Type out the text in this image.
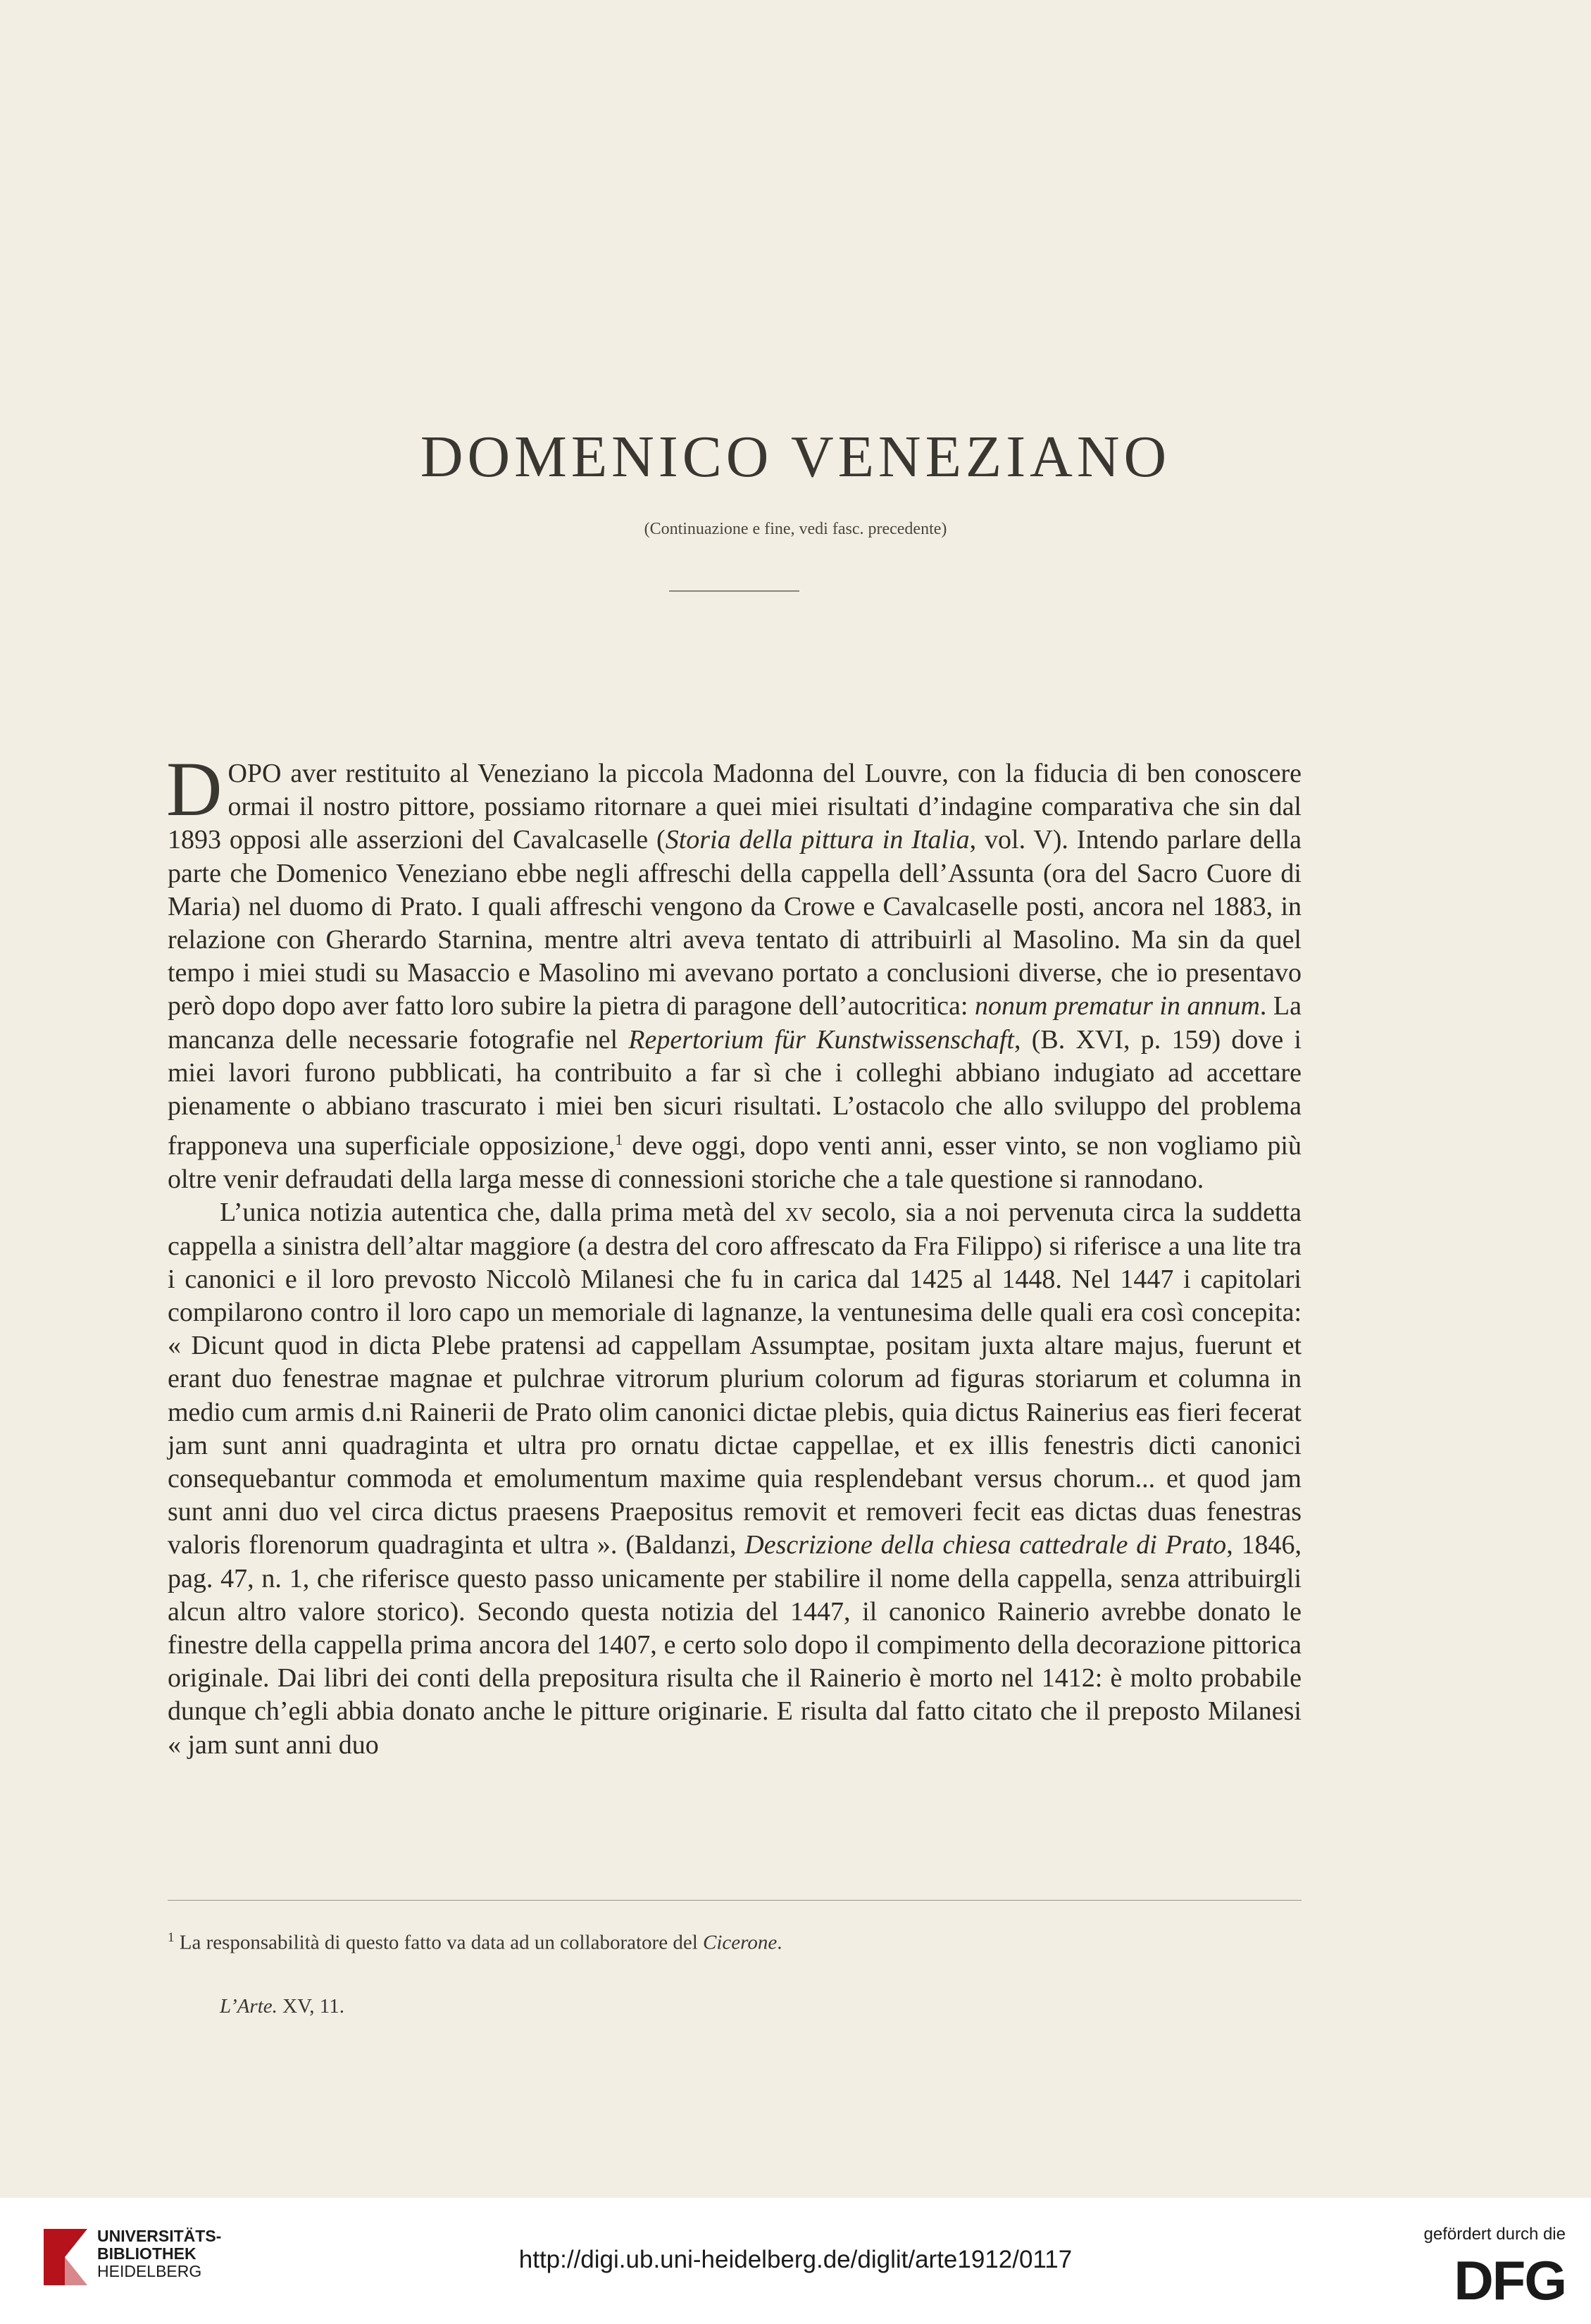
DOMENICO VENEZIANO
(Continuazione e fine, vedi fasc. precedente)

DOPO aver restituito al Veneziano la piccola Madonna del Louvre, con la fiducia di ben conoscere ormai il nostro pittore, possiamo ritornare a quei miei risultati d’indagine comparativa che sin dal 1893 opposi alle asserzioni del Cavalcaselle (Storia della pittura in Italia, vol. V). Intendo parlare della parte che Domenico Veneziano ebbe negli affreschi della cappella dell’Assunta (ora del Sacro Cuore di Maria) nel duomo di Prato. I quali affreschi vengono da Crowe e Cavalcaselle posti, ancora nel 1883, in relazione con Gherardo Starnina, mentre altri aveva tentato di attribuirli al Masolino. Ma sin da quel tempo i miei studi su Masaccio e Masolino mi avevano portato a conclusioni diverse, che io presentavo però dopo dopo aver fatto loro subire la pietra di paragone dell’autocritica: nonum prematur in annum. La mancanza delle necessarie fotografie nel Repertorium für Kunstwissenschaft, (B. XVI, p. 159) dove i miei lavori furono pubblicati, ha contribuito a far sì che i colleghi abbiano indugiato ad accettare pienamente o abbiano trascurato i miei ben sicuri risultati. L’ostacolo che allo sviluppo del problema frapponeva una superficiale opposizione,$^1$ deve oggi, dopo venti anni, esser vinto, se non vogliamo più oltre venir defraudati della larga messe di connessioni storiche che a tale questione si rannodano.

L’unica notizia autentica che, dalla prima metà del xv secolo, sia a noi pervenuta circa la suddetta cappella a sinistra dell’altar maggiore (a destra del coro affrescato da Fra Filippo) si riferisce a una lite tra i canonici e il loro prevosto Niccolò Milanesi che fu in carica dal 1425 al 1448. Nel 1447 i capitolari compilarono contro il loro capo un memoriale di lagnanze, la ventunesima delle quali era così concepita: « Dicunt quod in dicta Plebe pratensi ad cappellam Assumptae, positam juxta altare majus, fuerunt et erant duo fenestrae magnae et pulchrae vitrorum plurium colorum ad figuras storiarum et columna in medio cum armis d.ni Rainerii de Prato olim canonici dictae plebis, quia dictus Rainerius eas fieri fecerat jam sunt anni quadraginta et ultra pro ornatu dictae cappellae, et ex illis fenestris dicti canonici consequebantur commoda et emolumentum maxime quia resplendebant versus chorum... et quod jam sunt anni duo vel circa dictus praesens Praepositus removit et removeri fecit eas dictas duas fenestras valoris florenorum quadraginta et ultra ». (Baldanzi, Descrizione della chiesa cattedrale di Prato, 1846, pag. 47, n. 1, che riferisce questo passo unicamente per stabilire il nome della cappella, senza attribuirgli alcun altro valore storico). Secondo questa notizia del 1447, il canonico Rainerio avrebbe donato le finestre della cappella prima ancora del 1407, e certo solo dopo il compimento della decorazione pittorica originale. Dai libri dei conti della prepositura risulta che il Rainerio è morto nel 1412: è molto probabile dunque ch’egli abbia donato anche le pitture originarie. E risulta dal fatto citato che il preposto Milanesi « jam sunt anni duo

$^1$ La responsabilità di questo fatto va data ad un collaboratore del Cicerone.
L’Arte. XV, 11.
UNIVERSITÄTS-
BIBLIOTHEK
HEIDELBERG	http://digi.ub.uni-heidelberg.de/diglit/arte1912/0117
gefördert durch die
DFG
